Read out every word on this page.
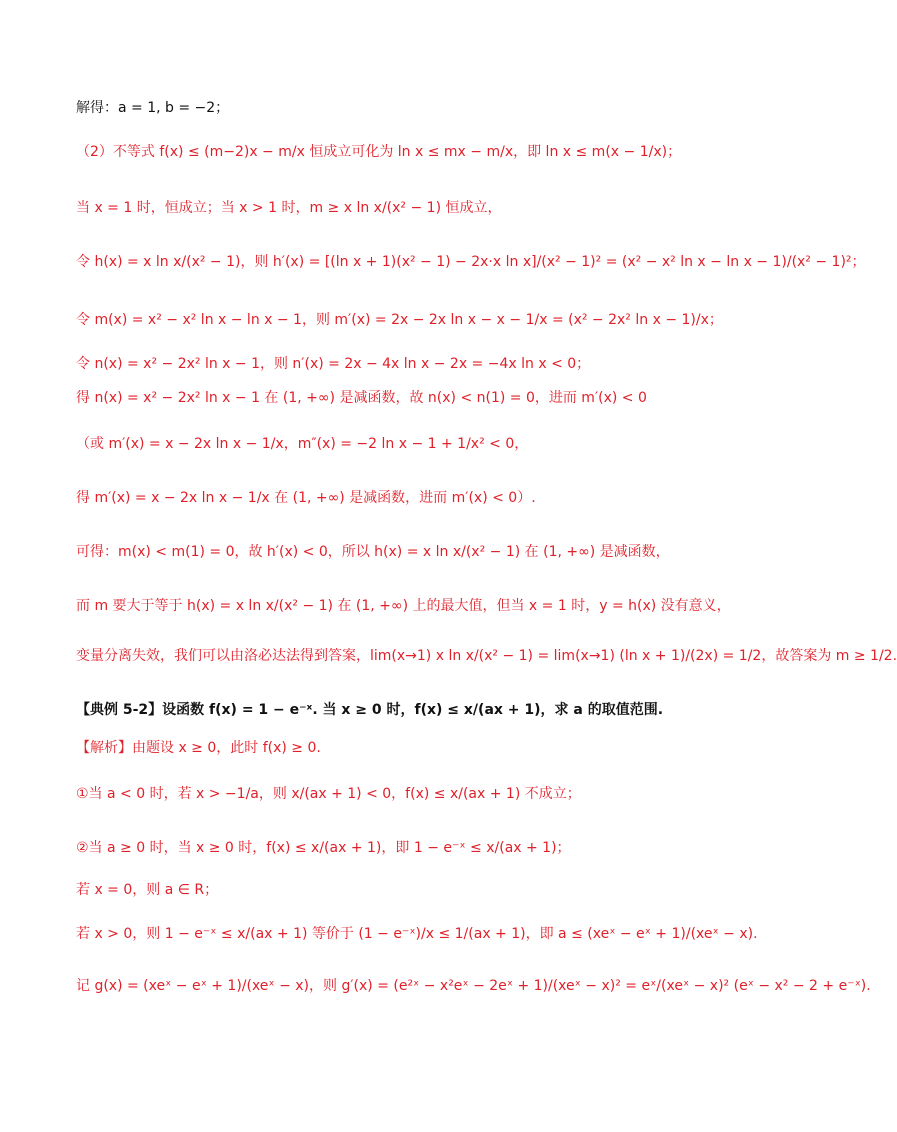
解得：a = 1, b = −2；
（2）不等式 f(x) ≤ (m−2)x − m/x 恒成立可化为 ln x ≤ mx − m/x，即 ln x ≤ m(x − 1/x)；
当 x = 1 时，恒成立；当 x > 1 时，m ≥ x ln x/(x² − 1) 恒成立，
令 h(x) = x ln x/(x² − 1)，则 h′(x) = [(ln x + 1)(x² − 1) − 2x·x ln x]/(x² − 1)² = (x² − x² ln x − ln x − 1)/(x² − 1)²；
令 m(x) = x² − x² ln x − ln x − 1，则 m′(x) = 2x − 2x ln x − x − 1/x = (x² − 2x² ln x − 1)/x；
令 n(x) = x² − 2x² ln x − 1，则 n′(x) = 2x − 4x ln x − 2x = −4x ln x < 0；
得 n(x) = x² − 2x² ln x − 1 在 (1, +∞) 是减函数，故 n(x) < n(1) = 0，进而 m′(x) < 0
（或 m′(x) = x − 2x ln x − 1/x，m″(x) = −2 ln x − 1 + 1/x² < 0，
得 m′(x) = x − 2x ln x − 1/x 在 (1, +∞) 是减函数，进而 m′(x) < 0）.
可得：m(x) < m(1) = 0，故 h′(x) < 0，所以 h(x) = x ln x/(x² − 1) 在 (1, +∞) 是减函数，
而 m 要大于等于 h(x) = x ln x/(x² − 1) 在 (1, +∞) 上的最大值，但当 x = 1 时，y = h(x) 没有意义，
变量分离失效，我们可以由洛必达法得到答案，lim(x→1) x ln x/(x² − 1) = lim(x→1) (ln x + 1)/(2x) = 1/2，故答案为 m ≥ 1/2.
【典例 5-2】设函数 f(x) = 1 − e⁻ˣ. 当 x ≥ 0 时，f(x) ≤ x/(ax + 1)，求 a 的取值范围.
【解析】由题设 x ≥ 0，此时 f(x) ≥ 0.
①当 a < 0 时，若 x > −1/a，则 x/(ax + 1) < 0，f(x) ≤ x/(ax + 1) 不成立；
②当 a ≥ 0 时，当 x ≥ 0 时，f(x) ≤ x/(ax + 1)，即 1 − e⁻ˣ ≤ x/(ax + 1)；
若 x = 0，则 a ∈ R；
若 x > 0，则 1 − e⁻ˣ ≤ x/(ax + 1) 等价于 (1 − e⁻ˣ)/x ≤ 1/(ax + 1)，即 a ≤ (xeˣ − eˣ + 1)/(xeˣ − x).
记 g(x) = (xeˣ − eˣ + 1)/(xeˣ − x)，则 g′(x) = (e²ˣ − x²eˣ − 2eˣ + 1)/(xeˣ − x)² = eˣ/(xeˣ − x)² (eˣ − x² − 2 + e⁻ˣ).
